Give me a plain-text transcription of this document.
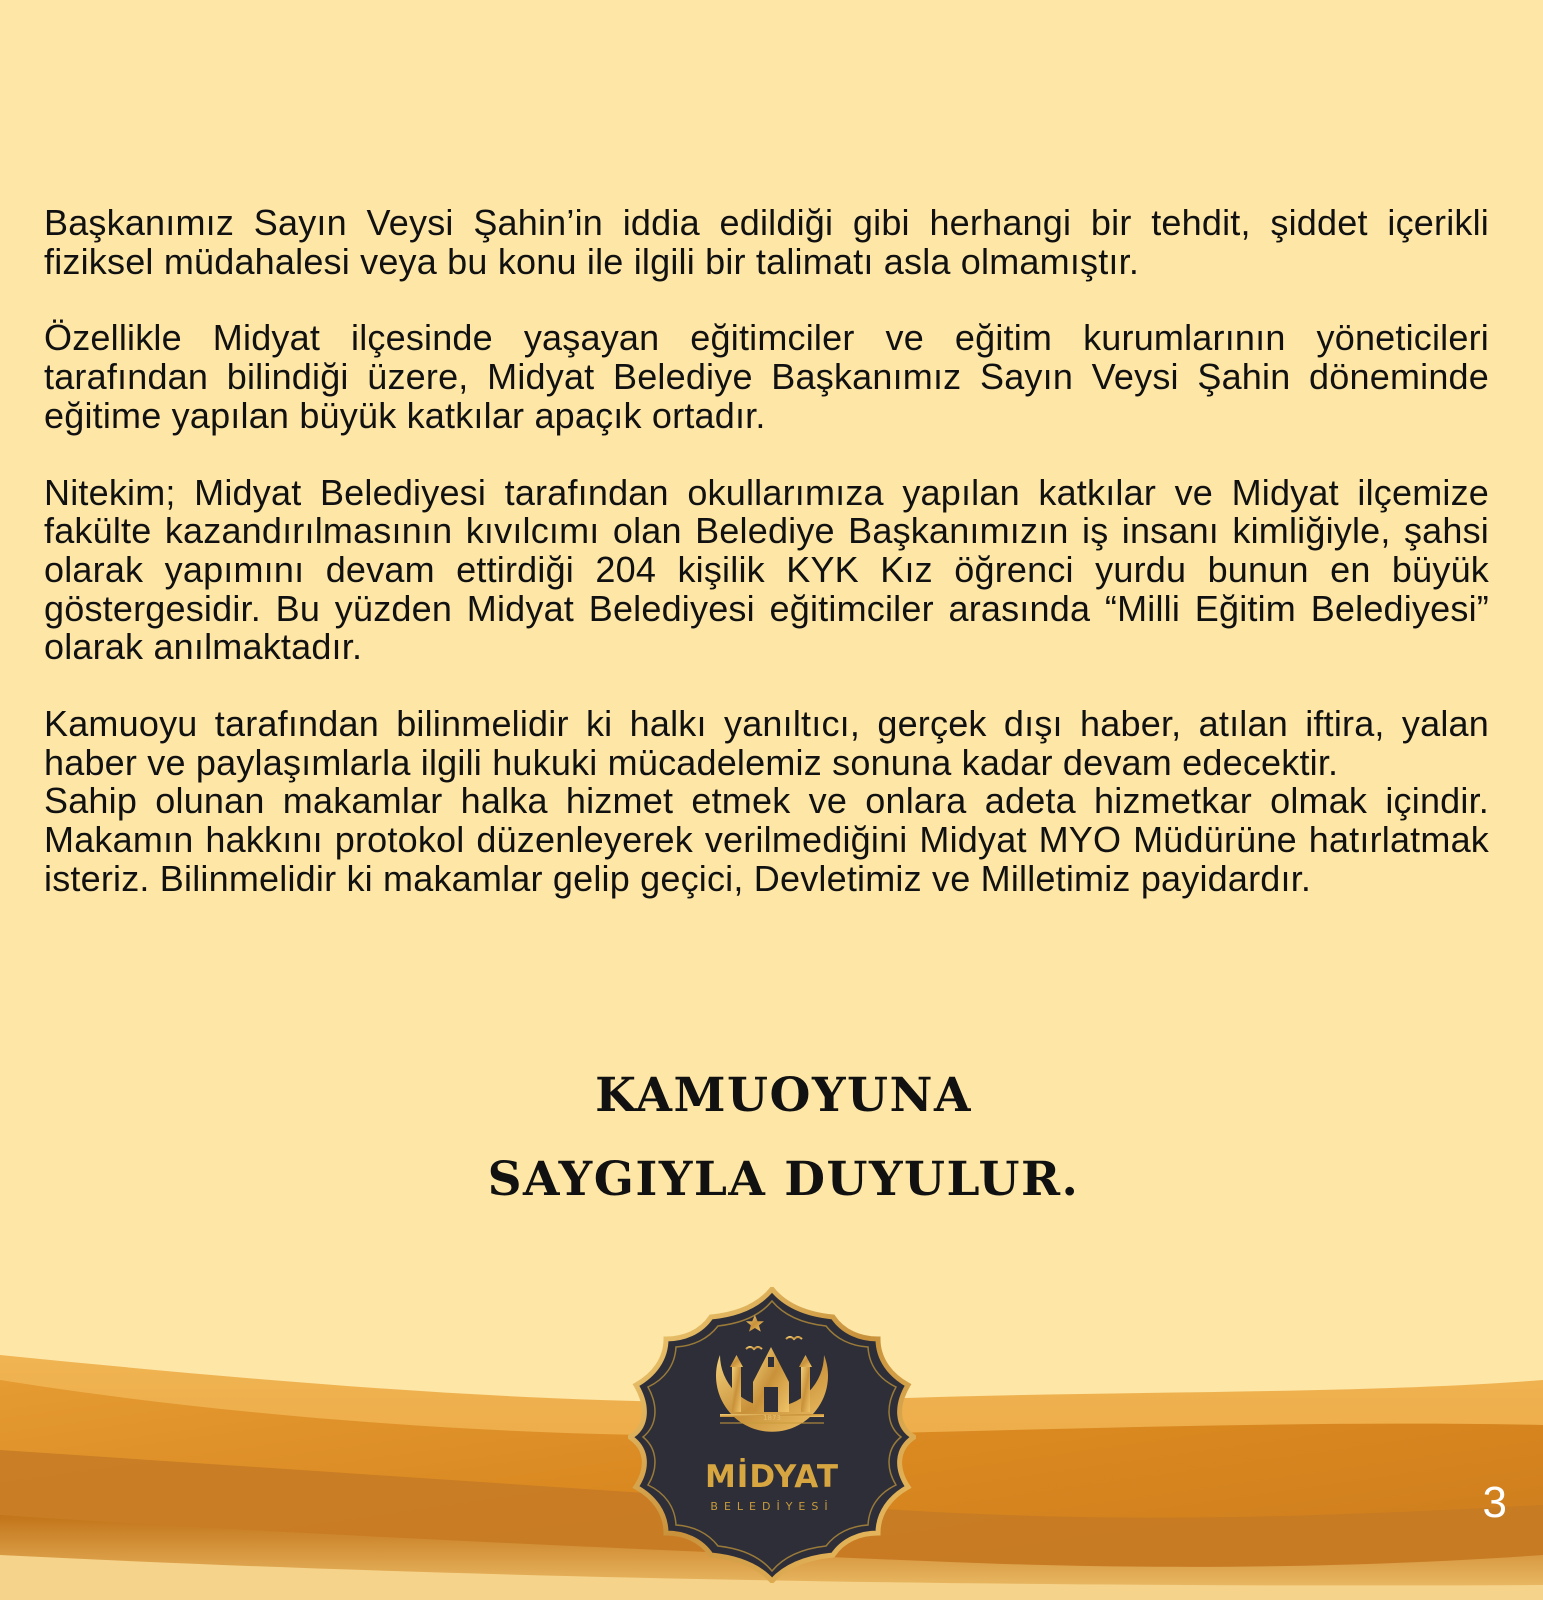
Başkanımız Sayın Veysi Şahin’in iddia edildiği gibi herhangi bir tehdit, şiddet içerikli fiziksel müdahalesi veya bu konu ile ilgili bir talimatı asla olmamıştır.

Özellikle Midyat ilçesinde yaşayan eğitimciler ve eğitim kurumlarının yöneticileri tarafından bilindiği üzere, Midyat Belediye Başkanımız Sayın Veysi Şahin döneminde eğitime yapılan büyük katkılar apaçık ortadır.

Nitekim; Midyat Belediyesi tarafından okullarımıza yapılan katkılar ve Midyat ilçemize fakülte kazandırılmasının kıvılcımı olan Belediye Başkanımızın iş insanı kimliğiyle, şahsi olarak yapımını devam ettirdiği 204 kişilik KYK Kız öğrenci yurdu bunun en büyük göstergesidir. Bu yüzden Midyat Belediyesi eğitimciler arasında “Milli Eğitim Belediyesi” olarak anılmaktadır.

Kamuoyu tarafından bilinmelidir ki halkı yanıltıcı, gerçek dışı haber, atılan iftira, yalan haber ve paylaşımlarla ilgili hukuki mücadelemiz sonuna kadar devam edecektir.

Sahip olunan makamlar halka hizmet etmek ve onlara adeta hizmetkar olmak içindir. Makamın hakkını protokol düzenleyerek verilmediğini Midyat MYO Müdürüne hatırlatmak isteriz. Bilinmelidir ki makamlar gelip geçici, Devletimiz ve Milletimiz payidardır.

KAMUOYUNA
SAYGIYLA DUYULUR.
1873
MİDYAT
BELEDİYESİ	3
